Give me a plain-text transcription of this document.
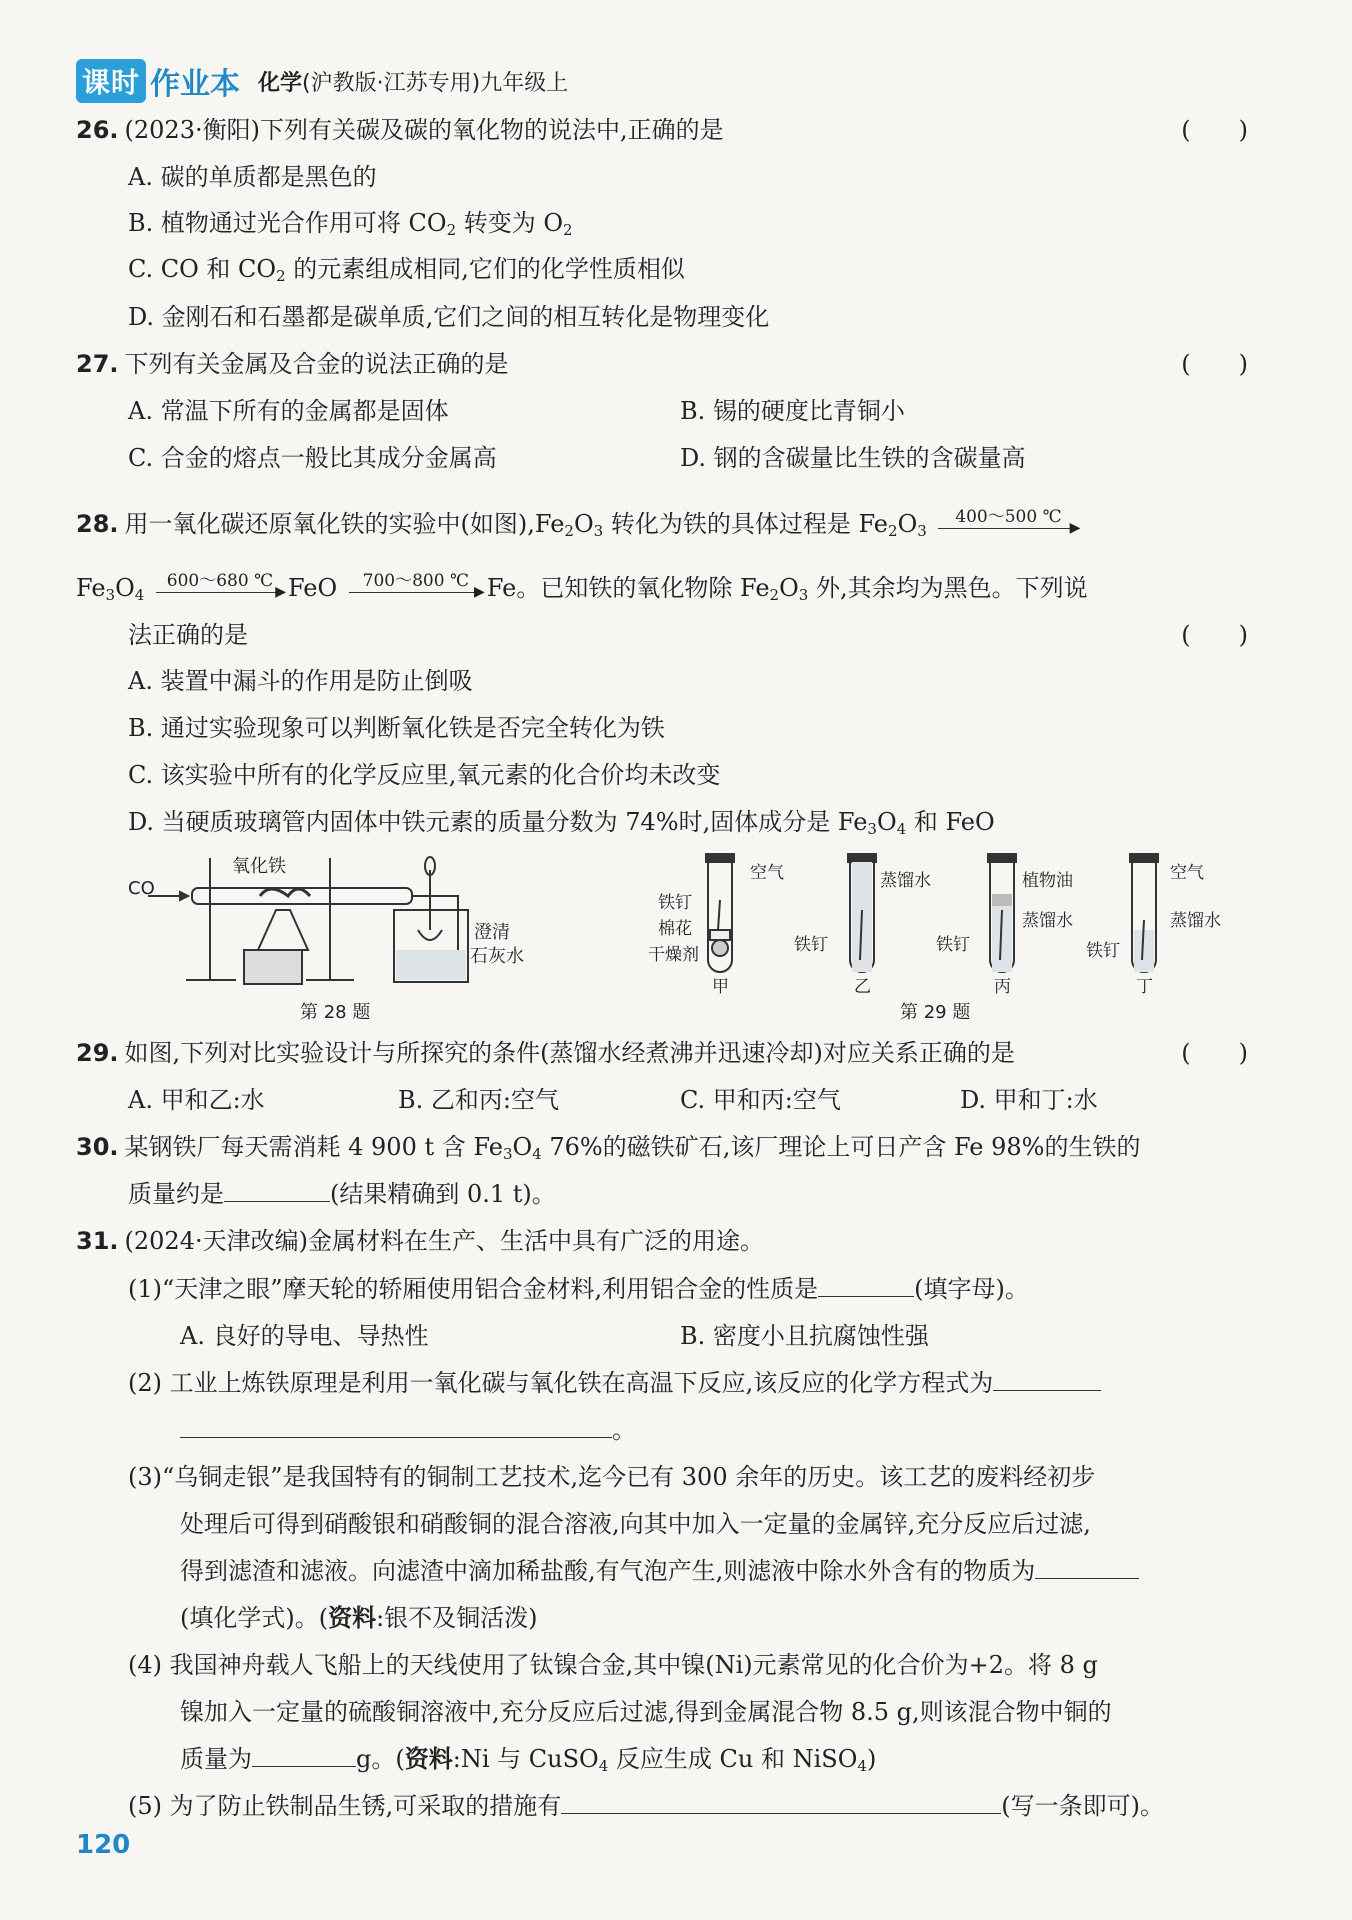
课时 作业本 化学(沪教版·江苏专用)九年级上
26. (2023·衡阳)下列有关碳及碳的氧化物的说法中,正确的是	(　　)
A. 碳的单质都是黑色的
B. 植物通过光合作用可将 $CO_2$ 转变为 $O_2$
C. CO 和 $CO_2$ 的元素组成相同,它们的化学性质相似
D. 金刚石和石墨都是碳单质,它们之间的相互转化是物理变化
27. 下列有关金属及合金的说法正确的是	(　　)
A. 常温下所有的金属都是固体	B. 锡的硬度比青铜小
C. 合金的熔点一般比其成分金属高	D. 钢的含碳量比生铁的含碳量高
28. 用一氧化碳还原氧化铁的实验中(如图)$,Fe_2O_3$ 转化为铁的具体过程是 $Fe_2O_3$
400～500 ℃
▶
$Fe_3O_4$
600～680 ℃
▶ FeO	700～800 ℃
▶ Fe。已知铁的氧化物除 $Fe_2O_3$ 外,其余均为黑色。下列说
法正确的是	(　　)
A. 装置中漏斗的作用是防止倒吸
B. 通过实验现象可以判断氧化铁是否完全转化为铁
C. 该实验中所有的化学反应里,氧元素的化合价均未改变
D. 当硬质玻璃管内固体中铁元素的质量分数为 74%时,固体成分是 $Fe_3O_4$ 和 FeO
CO
氧化铁
澄清
石灰水
空气
铁钉
棉花
干燥剂
蒸馏水
铁钉
植物油
蒸馏水
铁钉
空气
蒸馏水
铁钉
甲	乙	丙	丁
第 28 题	第 29 题
29. 如图,下列对比实验设计与所探究的条件(蒸馏水经煮沸并迅速冷却)对应关系正确的是	(　　)
A. 甲和乙:水	B. 乙和丙:空气	C. 甲和丙:空气	D. 甲和丁:水
30. 某钢铁厂每天需消耗 4 900 t 含 $Fe_3O_4$ 76%的磁铁矿石,该厂理论上可日产含 Fe 98%的生铁的
质量约是	(结果精确到 0.1 t)。
31. (2024·天津改编)金属材料在生产、生活中具有广泛的用途。
(1)“天津之眼”摩天轮的轿厢使用铝合金材料,利用铝合金的性质是	(填字母)。
A. 良好的导电、导热性	B. 密度小且抗腐蚀性强
(2) 工业上炼铁原理是利用一氧化碳与氧化铁在高温下反应,该反应的化学方程式为
。
(3)“乌铜走银”是我国特有的铜制工艺技术,迄今已有 300 余年的历史。该工艺的废料经初步
处理后可得到硝酸银和硝酸铜的混合溶液,向其中加入一定量的金属锌,充分反应后过滤,
得到滤渣和滤液。向滤渣中滴加稀盐酸,有气泡产生,则滤液中除水外含有的物质为
(填化学式)。(资料:银不及铜活泼)
(4) 我国神舟载人飞船上的天线使用了钛镍合金,其中镍(Ni)元素常见的化合价为+2。将 8 g
镍加入一定量的硫酸铜溶液中,充分反应后过滤,得到金属混合物 8.5 g,则该混合物中铜的
质量为	g。(资料:Ni 与 CuSO$_4$ 反应生成 Cu 和 NiSO$_4$)
(5) 为了防止铁制品生锈,可采取的措施有	(写一条即可)。
120
